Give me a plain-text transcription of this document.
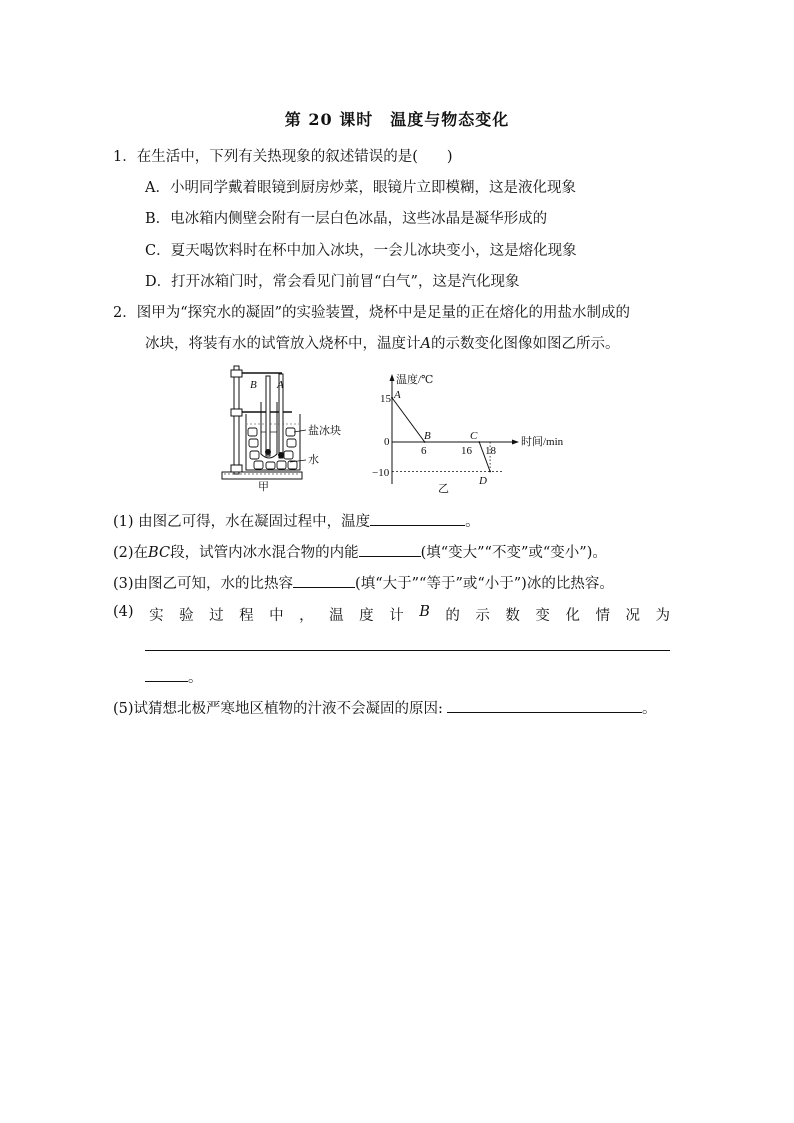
第 20 课时　温度与物态变化
1．在生活中，下列有关热现象的叙述错误的是(　　)
A．小明同学戴着眼镜到厨房炒菜，眼镜片立即模糊，这是液化现象
B．电冰箱内侧壁会附有一层白色冰晶，这些冰晶是凝华形成的
C．夏天喝饮料时在杯中加入冰块，一会儿冰块变小，这是熔化现象
D．打开冰箱门时，常会看见门前冒“白气”，这是汽化现象
2．图甲为“探究水的凝固”的实验装置，烧杯中是足量的正在熔化的用盐水制成的
冰块，将装有水的试管放入烧杯中，温度计A的示数变化图像如图乙所示。
B A
盐冰块
水
甲
温度/℃
时间/min
15
0
−10
6	16 18
A
B	C
D
乙
(1) 由图乙可得，水在凝固过程中，温度	。
(2)在BC段，试管内冰水混合物的内能	(填“变大”“不变”或“变小”)。
(3)由图乙可知，水的比热容	(填“大于”“等于”或“小于”)冰的比热容。
(4) 实 验 过 程 中 ， 温 度 计 B 的 示 数 变 化 情 况 为
。
(5)试猜想北极严寒地区植物的汁液不会凝固的原因:	。
